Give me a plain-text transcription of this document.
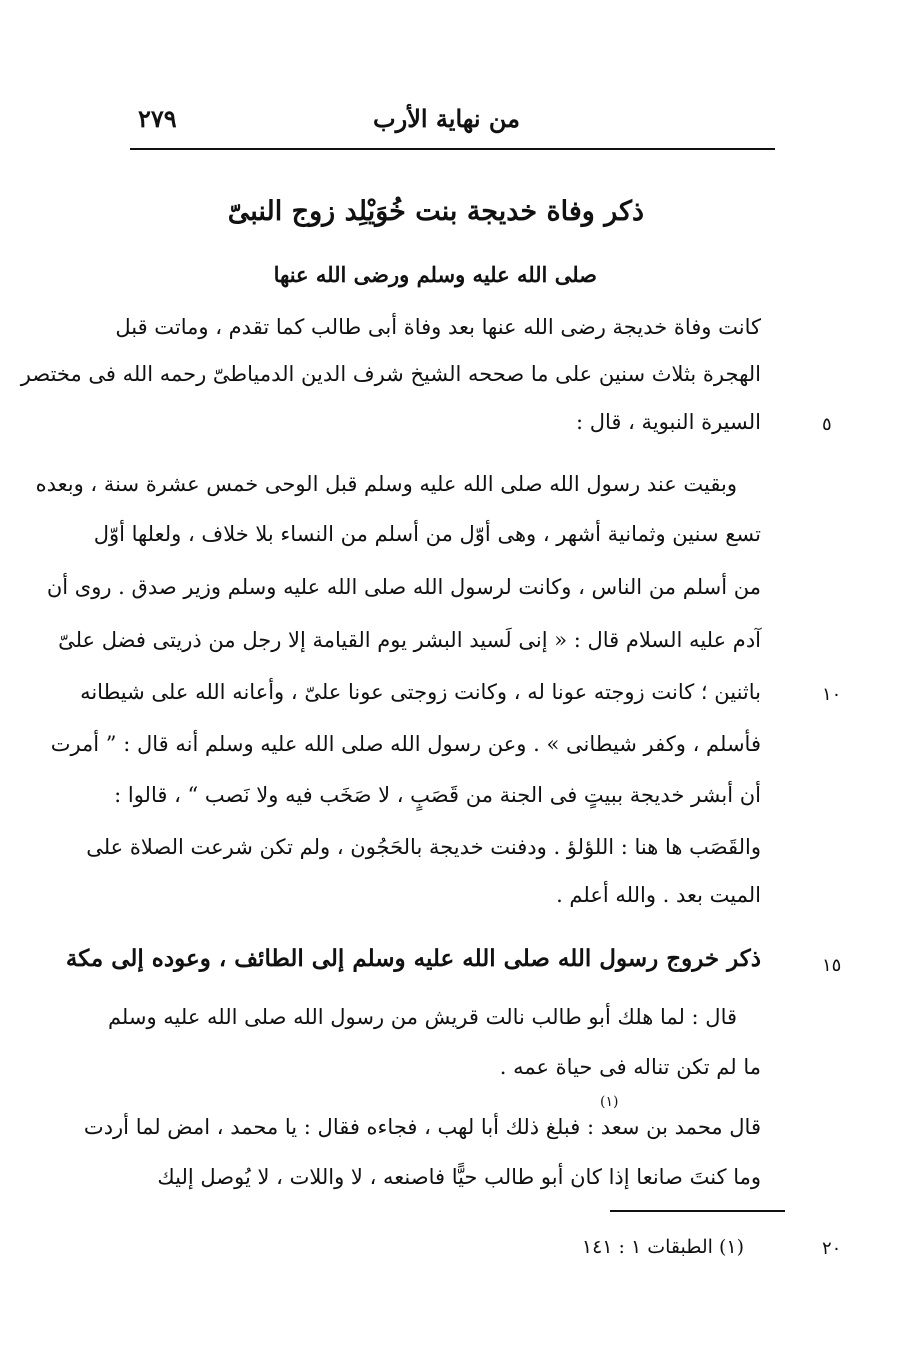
من نهاية الأرب
٢٧٩
ذكر وفاة خديجة بنت خُوَيْلِد زوج النبىّ
صلى الله عليه وسلم ورضى الله عنها
كانت وفاة خديجة رضى الله عنها بعد وفاة أبى طالب كما تقدم ، وماتت قبل
الهجرة بثلاث سنين على ما صححه الشيخ شرف الدين الدمياطىّ رحمه الله فى مختصر
السيرة النبوية ، قال :
وبقيت عند رسول الله صلى الله عليه وسلم قبل الوحى خمس عشرة سنة ، وبعده
تسع سنين وثمانية أشهر ، وهى أوّل من أسلم من النساء بلا خلاف ، ولعلها أوّل
من أسلم من الناس ، وكانت لرسول الله صلى الله عليه وسلم وزير صدق . روى أن
آدم عليه السلام قال : « إنى لَسيد البشر يوم القيامة إلا رجل من ذريتى فضل علىّ
باثنين ؛ كانت زوجته عونا له ، وكانت زوجتى عونا علىّ ، وأعانه الله على شيطانه
فأسلم ، وكفر شيطانى » . وعن رسول الله صلى الله عليه وسلم أنه قال : ” أمرت
أن أبشر خديجة ببيتٍ فى الجنة من قَصَبٍ ، لا صَخَب فيه ولا نَصب “ ، قالوا :
والقَصَب ها هنا : اللؤلؤ . ودفنت خديجة بالحَجُون ، ولم تكن شرعت الصلاة على
الميت بعد . والله أعلم .
ذكر خروج رسول الله صلى الله عليه وسلم إلى الطائف ، وعوده إلى مكة
قال : لما هلك أبو طالب نالت قريش من رسول الله صلى الله عليه وسلم
ما لم تكن تناله فى حياة عمه .
(١)
قال محمد بن سعد : فبلغ ذلك أبا لهب ، فجاءه فقال : يا محمد ، امض لما أردت
وما كنتَ صانعا إذا كان أبو طالب حيًّا فاصنعه ، لا واللات ، لا يُوصل إليك
٥
١٠
١٥
٢٠
(١) الطبقات ١ : ١٤١
